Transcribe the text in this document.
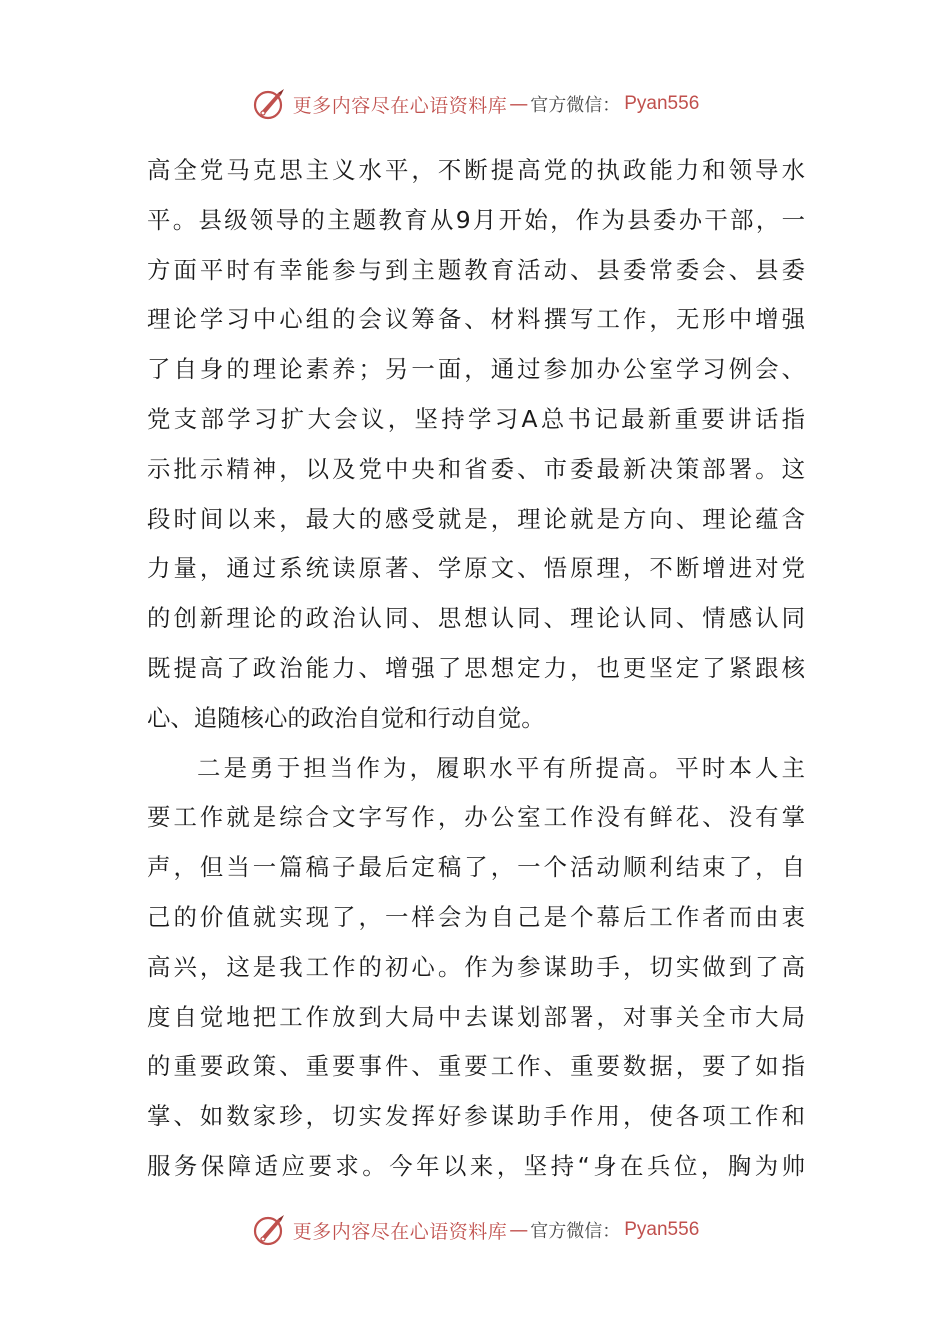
更多内容尽在心语资料库 — 官方微信： Pyan556
高全党马克思主义水平，不断提高党的执政能力和领导水
平。县级领导的主题教育从9月开始，作为县委办干部，一
方面平时有幸能参与到主题教育活动、县委常委会、县委
理论学习中心组的会议筹备、材料撰写工作，无形中增强
了自身的理论素养；另一面，通过参加办公室学习例会、
党支部学习扩大会议，坚持学习A总书记最新重要讲话指
示批示精神，以及党中央和省委、市委最新决策部署。这
段时间以来，最大的感受就是，理论就是方向、理论蕴含
力量，通过系统读原著、学原文、悟原理，不断增进对党
的创新理论的政治认同、思想认同、理论认同、情感认同
既提高了政治能力、增强了思想定力，也更坚定了紧跟核
心、追随核心的政治自觉和行动自觉。
二是勇于担当作为，履职水平有所提高。平时本人主
要工作就是综合文字写作，办公室工作没有鲜花、没有掌
声，但当一篇稿子最后定稿了，一个活动顺利结束了，自
己的价值就实现了，一样会为自己是个幕后工作者而由衷
高兴，这是我工作的初心。作为参谋助手，切实做到了高
度自觉地把工作放到大局中去谋划部署，对事关全市大局
的重要政策、重要事件、重要工作、重要数据，要了如指
掌、如数家珍，切实发挥好参谋助手作用，使各项工作和
服务保障适应要求。今年以来，坚持“身在兵位，胸为帅
更多内容尽在心语资料库 — 官方微信： Pyan556
